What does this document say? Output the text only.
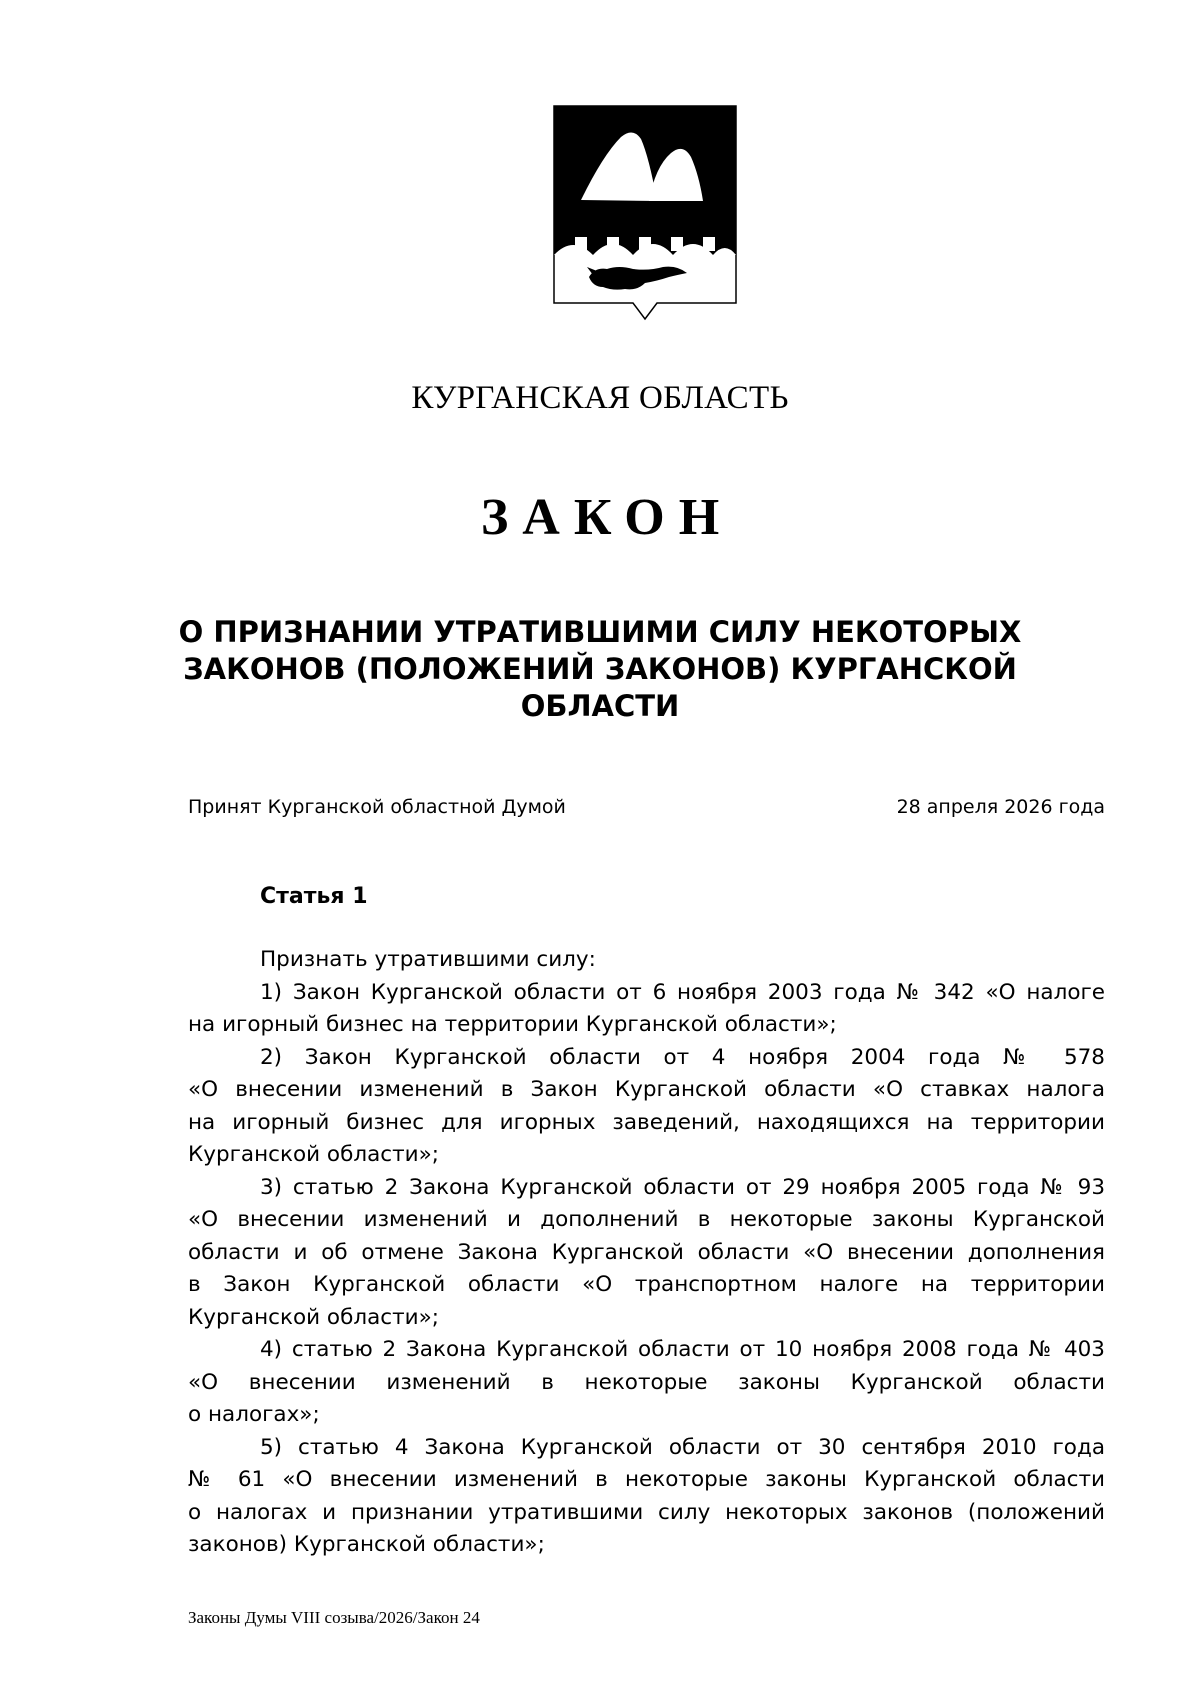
КУРГАНСКАЯ ОБЛАСТЬ
ЗАКОН
О ПРИЗНАНИИ УТРАТИВШИМИ СИЛУ НЕКОТОРЫХ
ЗАКОНОВ (ПОЛОЖЕНИЙ ЗАКОНОВ) КУРГАНСКОЙ
ОБЛАСТИ
Принят Курганской областной Думой	28 апреля 2026 года
Статья 1
Признать утратившими силу:
1) Закон Курганской области от 6 ноября 2003 года № 342 «О налоге
на игорный бизнес на территории Курганской области»;
2) Закон Курганской области от 4 ноября 2004 года № 578
«О внесении изменений в Закон Курганской области «О ставках налога
на игорный бизнес для игорных заведений, находящихся на территории
Курганской области»;
3) статью 2 Закона Курганской области от 29 ноября 2005 года № 93
«О внесении изменений и дополнений в некоторые законы Курганской
области и об отмене Закона Курганской области «О внесении дополнения
в Закон Курганской области «О транспортном налоге на территории
Курганской области»;
4) статью 2 Закона Курганской области от 10 ноября 2008 года № 403
«О внесении изменений в некоторые законы Курганской области
о налогах»;
5) статью 4 Закона Курганской области от 30 сентября 2010 года
№ 61 «О внесении изменений в некоторые законы Курганской области
о налогах и признании утратившими силу некоторых законов (положений
законов) Курганской области»;
Законы Думы VIII созыва/2026/Закон 24
